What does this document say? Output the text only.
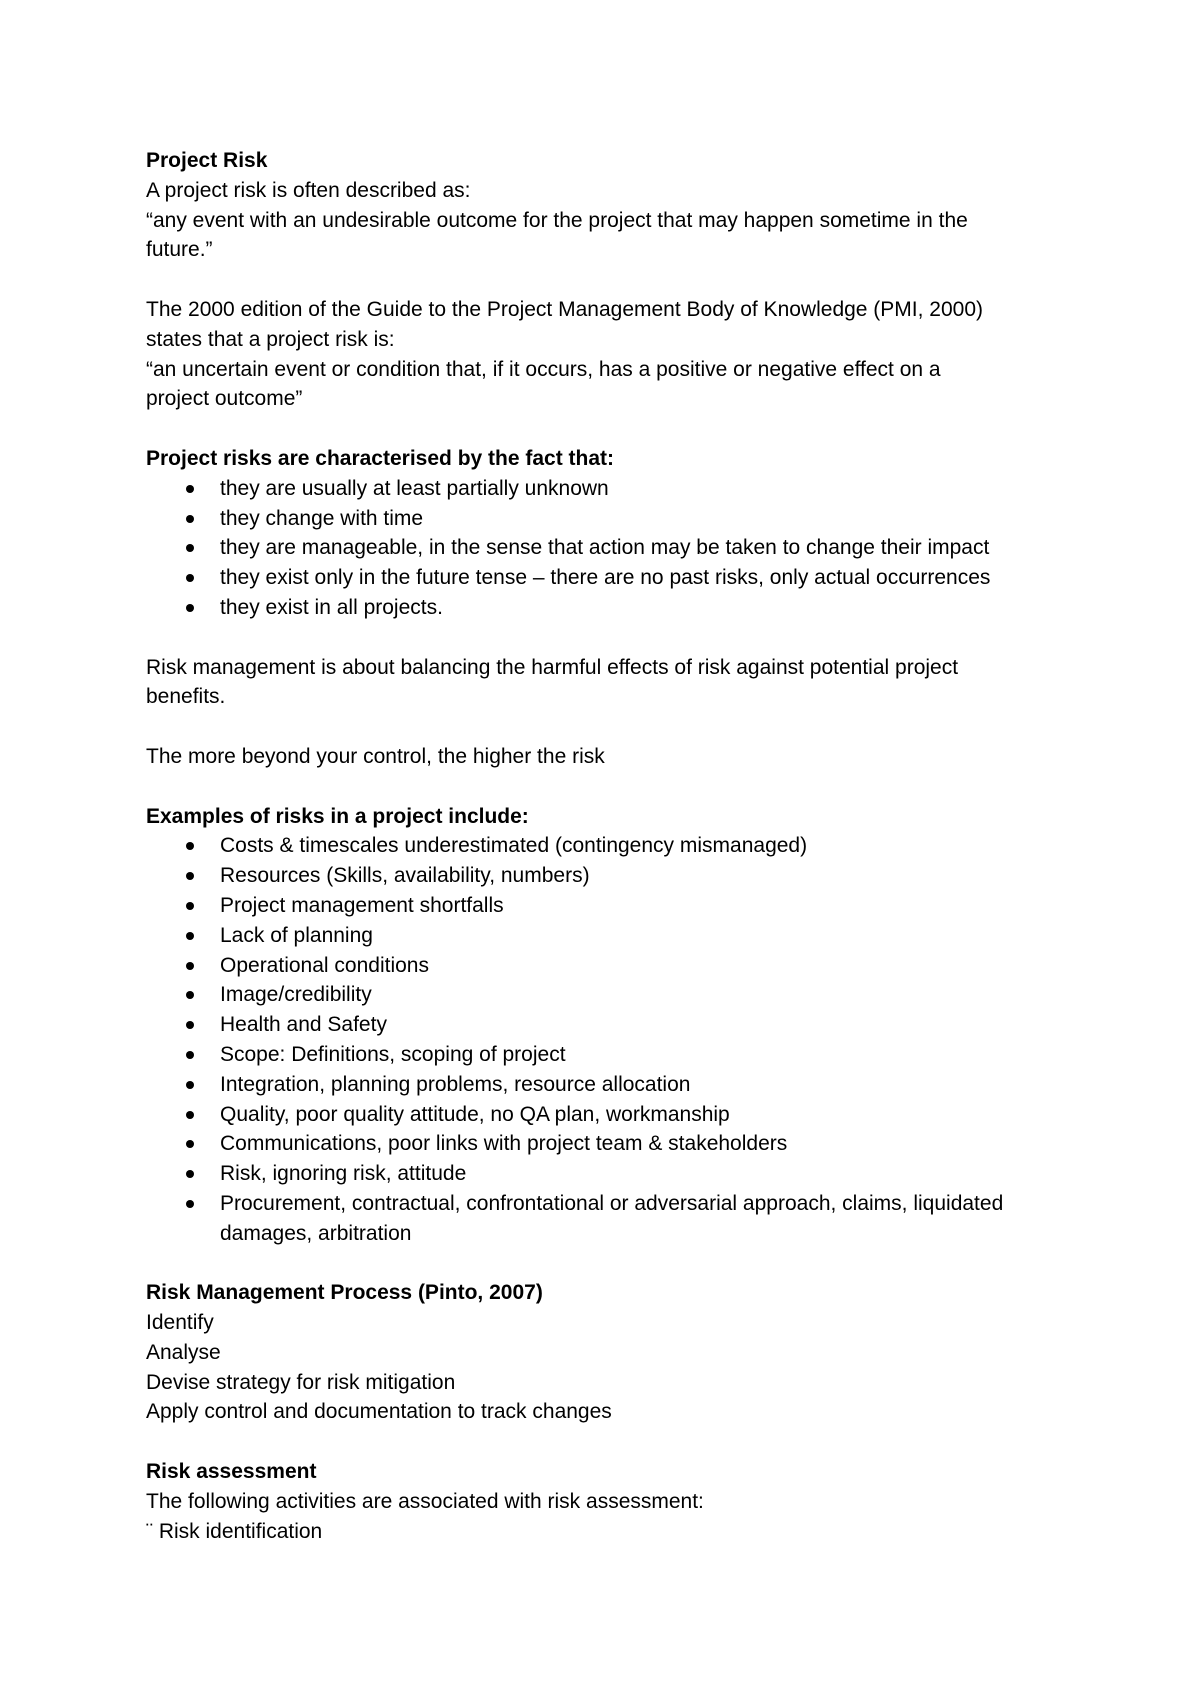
Project Risk

A project risk is often described as:

“any event with an undesirable outcome for the project that may happen sometime in the

future.”

The 2000 edition of the Guide to the Project Management Body of Knowledge (PMI, 2000)

states that a project risk is:

“an uncertain event or condition that, if it occurs, has a positive or negative effect on a

project outcome”

Project risks are characterised by the fact that:

they are usually at least partially unknown
they change with time
they are manageable, in the sense that action may be taken to change their impact
they exist only in the future tense – there are no past risks, only actual occurrences
they exist in all projects.

Risk management is about balancing the harmful effects of risk against potential project

benefits.

The more beyond your control, the higher the risk

Examples of risks in a project include:

Costs & timescales underestimated (contingency mismanaged)
Resources (Skills, availability, numbers)
Project management shortfalls
Lack of planning
Operational conditions
Image/credibility
Health and Safety
Scope: Definitions, scoping of project
Integration, planning problems, resource allocation
Quality, poor quality attitude, no QA plan, workmanship
Communications, poor links with project team & stakeholders
Risk, ignoring risk, attitude
Procurement, contractual, confrontational or adversarial approach, claims, liquidated
damages, arbitration

Risk Management Process (Pinto, 2007)

Identify

Analyse

Devise strategy for risk mitigation

Apply control and documentation to track changes

Risk assessment

The following activities are associated with risk assessment:

¨ Risk identification
